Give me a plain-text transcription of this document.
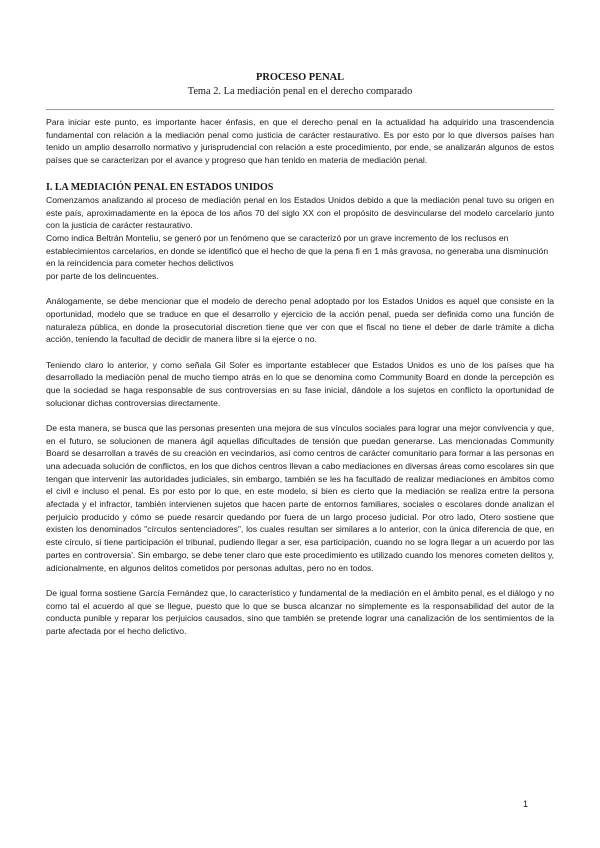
PROCESO PENAL
Tema 2. La mediación penal en el derecho comparado

Para iniciar este punto, es importante hacer énfasis, en que el derecho penal en la actualidad ha adquirido una trascendencia fundamental con relación a la mediación penal como justicia de carácter restaurativo. Es por esto por lo que diversos países han tenido un amplio desarrollo normativo y jurisprudencial con relación a este procedimiento, por ende, se analizarán algunos de estos países que se caracterizan por el avance y progreso que han tenido en materia de mediación penal.

I. LA MEDIACIÓN PENAL EN ESTADOS UNIDOS

Comenzamos analizando al proceso de mediación penal en los Estados Unidos debido a que la mediación penal tuvo su origen en este país, aproximadamente en la época de los años 70 del siglo XX con el propósito de desvincularse del modelo carcelario junto con la justicia de carácter restaurativo.

Como indica Beltrán Monteliu, se generó por un fenómeno que se caracterizó por un grave incremento de los reclusos en establecimientos carcelarios, en donde se identificó que el hecho de que la pena fi en 1 más gravosa, no generaba una disminución en la reincidencia para cometer hechos delictivos

por parte de los delincuentes.

Análogamente, se debe mencionar que el modelo de derecho penal adoptado por los Estados Unidos es aquel que consiste en la oportunidad, modelo que se traduce en que el desarrollo y ejercicio de la acción penal, pueda ser definida como una función de naturaleza pública, en donde la prosecutorial discretion tiene que ver con que el fiscal no tiene el deber de darle trámite a dicha acción, teniendo la facultad de decidir de manera libre si la ejerce o no.

Teniendo claro lo anterior, y como señala Gil Soler es importante establecer que Estados Unidos es uno de los países que ha desarrollado la mediación penal de mucho tiempo atrás en lo que se denomina como Community Board en donde la percepción es que la sociedad se haga responsable de sus controversias en su fase inicial, dándole a los sujetos en conflicto la oportunidad de solucionar dichas controversias directamente.

De esta manera, se busca que las personas presenten una mejora de sus vínculos sociales para lograr una mejor convivencia y que, en el futuro, se solucionen de manera ágil aquellas dificultades de tensión que puedan generarse. Las mencionadas Community Board se desarrollan a través de su creación en vecindarios, así como centros de carácter comunitario para formar a las personas en una adecuada solución de conflictos, en los que dichos centros llevan a cabo mediaciones en diversas áreas como escolares sin que tengan que intervenir las autoridades judiciales, sin embargo, también se les ha facultado de realizar mediaciones en ámbitos como el civil e incluso el penal. Es por esto por lo que, en este modelo, si bien es cierto que la mediación se realiza entre la persona afectada y el infractor, también intervienen sujetos que hacen parte de entornos familiares, sociales o escolares donde analizan el perjuicio producido y cómo se puede resarcir quedando por fuera de un largo proceso judicial. Por otro lado, Otero sostiene que existen los denominados "círculos sentenciadores", los cuales resultan ser similares a lo anterior, con la única diferencia de que, en este círculo, si tiene participación el tribunal, pudiendo llegar a ser, esa participación, cuando no se logra llegar a un acuerdo por las partes en controversia'. Sin embargo, se debe tener claro que este procedimiento es utilizado cuando los menores cometen delitos y, adicionalmente, en algunos delitos cometidos por personas adultas, pero no en todos.

De igual forma sostiene García Fernández que, lo característico y fundamental de la mediación en el ámbito penal, es el diálogo y no como tal el acuerdo al que se llegue, puesto que lo que se busca alcanzar no simplemente es la responsabilidad del autor de la conducta punible y reparar los perjuicios causados, sino que también se pretende lograr una canalización de los sentimientos de la parte afectada por el hecho delictivo.

1
